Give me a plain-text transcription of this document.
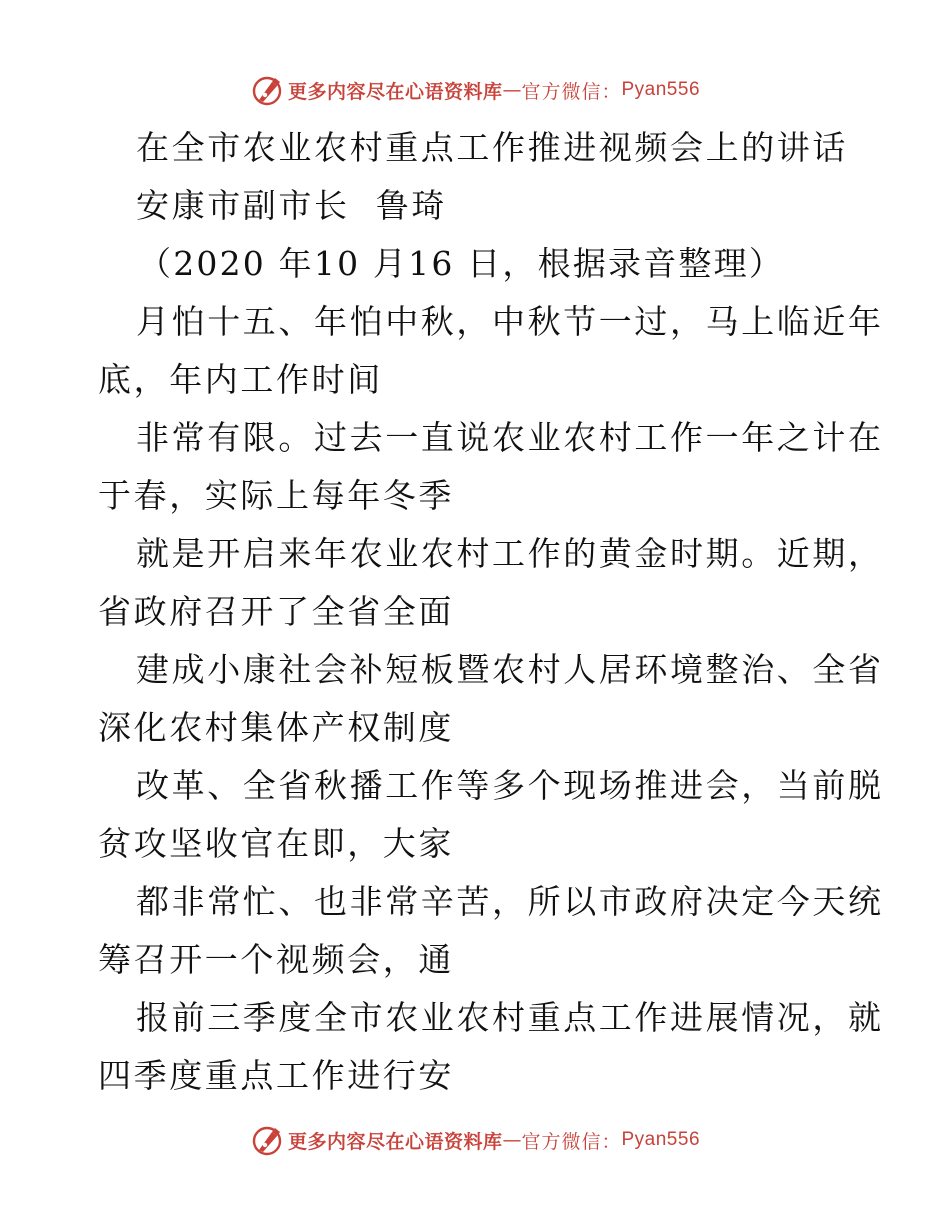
更多内容尽在心语资料库 — 官方微信： Pyan556
在全市农业农村重点工作推进视频会上的讲话
安康市副市长  鲁琦
（2020 年10 月16 日，根据录音整理）
月怕十五、年怕中秋，中秋节一过，马上临近年
底，年内工作时间
非常有限。过去一直说农业农村工作一年之计在
于春，实际上每年冬季
就是开启来年农业农村工作的黄金时期。近期，
省政府召开了全省全面
建成小康社会补短板暨农村人居环境整治、全省
深化农村集体产权制度
改革、全省秋播工作等多个现场推进会，当前脱
贫攻坚收官在即，大家
都非常忙、也非常辛苦，所以市政府决定今天统
筹召开一个视频会，通
报前三季度全市农业农村重点工作进展情况，就
四季度重点工作进行安
更多内容尽在心语资料库 — 官方微信： Pyan556
